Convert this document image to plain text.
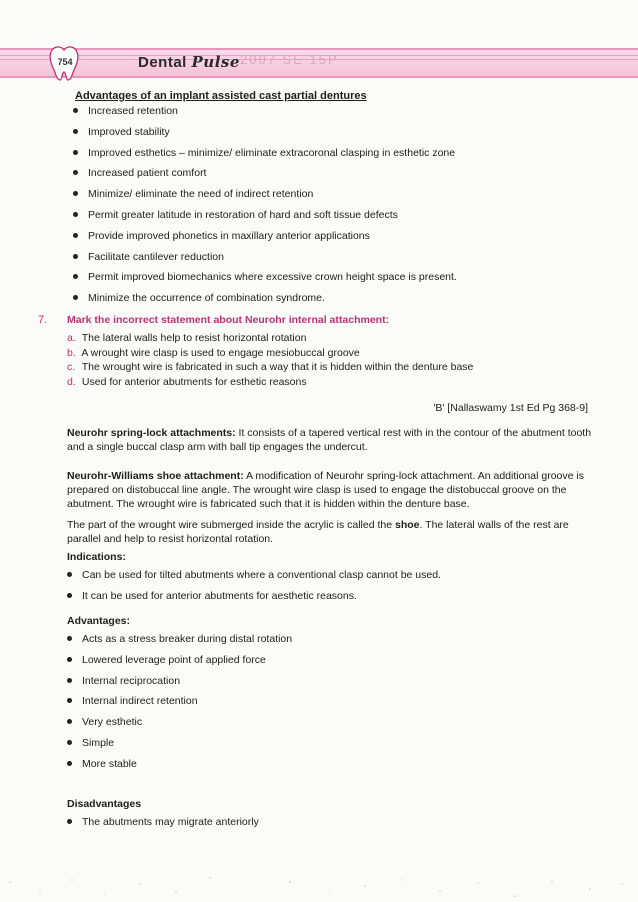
754	Dental Pulse 2007 SE 15P
Advantages of an implant assisted cast partial dentures
Increased retention
Improved stability
Improved esthetics – minimize/ eliminate extracoronal clasping in esthetic zone
Increased patient comfort
Minimize/ eliminate the need of indirect retention
Permit greater latitude in restoration of hard and soft tissue defects
Provide improved phonetics in maxillary anterior applications
Facilitate cantilever reduction
Permit improved biomechanics where excessive crown height space is present.
Minimize the occurrence of combination syndrome.
7. Mark the incorrect statement about Neurohr internal attachment:
a. The lateral walls help to resist horizontal rotation
b. A wrought wire clasp is used to engage mesiobuccal groove
c. The wrought wire is fabricated in such a way that it is hidden within the denture base
d. Used for anterior abutments for esthetic reasons
'B' [Nallaswamy 1st Ed Pg 368-9]

Neurohr spring-lock attachments: It consists of a tapered vertical rest with in the contour of the abutment tooth and a single buccal clasp arm with ball tip engages the undercut.

Neurohr-Williams shoe attachment: A modification of Neurohr spring-lock attachment. An additional groove is prepared on distobuccal line angle. The wrought wire clasp is used to engage the distobuccal groove on the abutment. The wrought wire is fabricated such that it is hidden within the denture base.

The part of the wrought wire submerged inside the acrylic is called the shoe. The lateral walls of the rest are parallel and help to resist horizontal rotation.

Indications:
Can be used for tilted abutments where a conventional clasp cannot be used.
It can be used for anterior abutments for aesthetic reasons.
Advantages:
Acts as a stress breaker during distal rotation
Lowered leverage point of applied force
Internal reciprocation
Internal indirect retention
Very esthetic
Simple
More stable
Disadvantages
The abutments may migrate anteriorly
